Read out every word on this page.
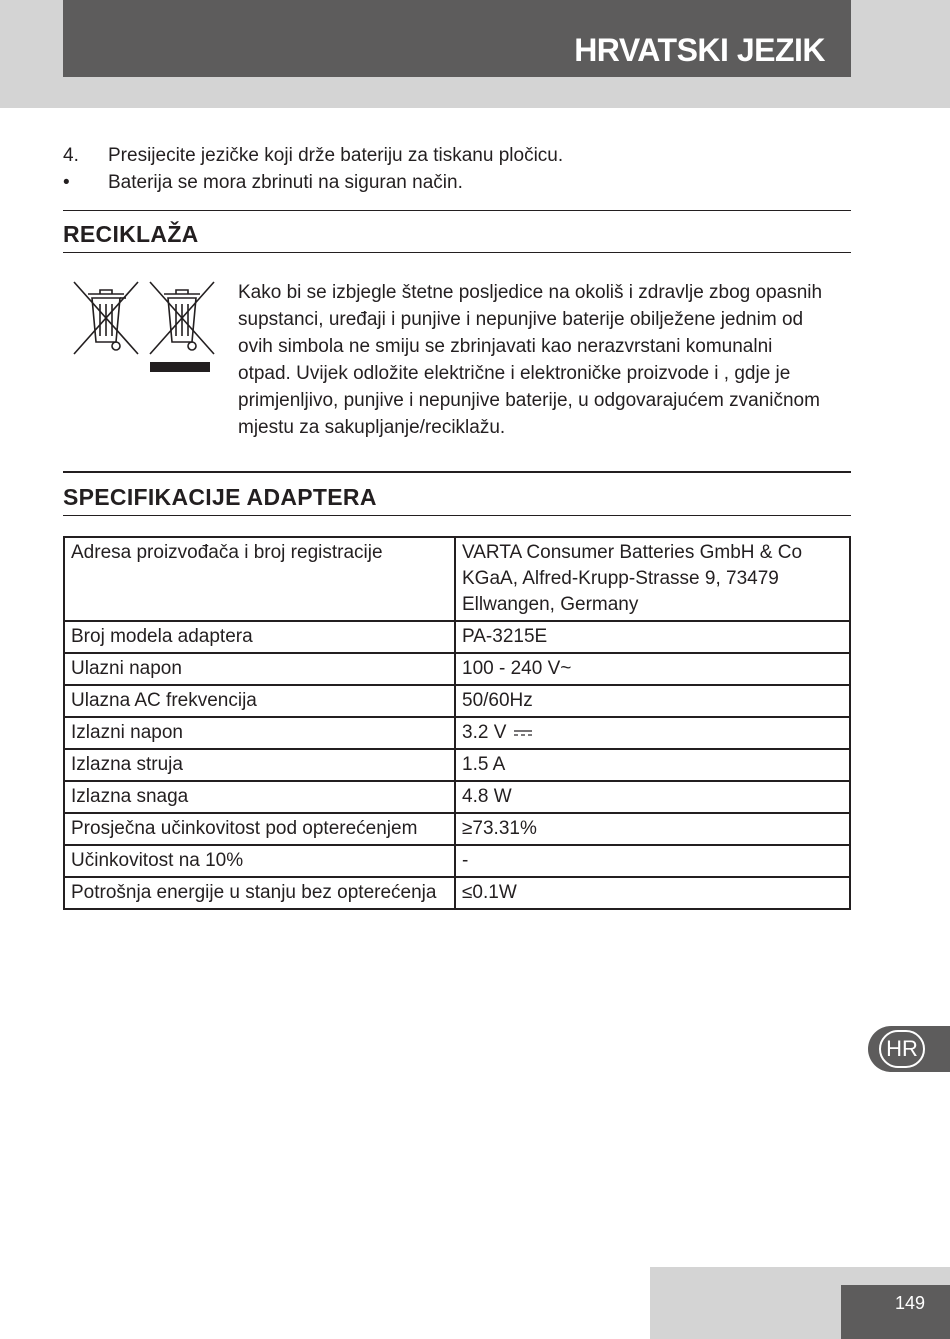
HRVATSKI JEZIK
4.	Presijecite jezičke koji drže bateriju za tiskanu pločicu.
•	Baterija se mora zbrinuti na siguran način.
RECIKLAŽA
Kako bi se izbjegle štetne posljedice na okoliš i zdravlje zbog opasnih
supstanci, uređaji i punjive i nepunjive baterije obilježene jednim od
ovih simbola ne smiju se zbrinjavati kao nerazvrstani komunalni
otpad. Uvijek odložite električne i elektroničke proizvode i , gdje je
primjenljivo, punjive i nepunjive baterije, u odgovarajućem zvaničnom
mjestu za sakupljanje/reciklažu.
SPECIFIKACIJE ADAPTERA
Adresa proizvođača i broj registracije	VARTA Consumer Batteries GmbH & Co
KGaA, Alfred-Krupp-Strasse 9, 73479
Ellwangen, Germany

Broj modela adaptera	PA-3215E
Ulazni napon	100 - 240 V~
Ulazna AC frekvencija	50/60Hz
Izlazni napon	3.2 V
Izlazna struja	1.5 A
Izlazna snaga	4.8 W
Prosječna učinkovitost pod opterećenjem	≥73.31%
Učinkovitost na 10%	-
Potrošnja energije u stanju bez opterećenja	≤0.1W
HR
149
